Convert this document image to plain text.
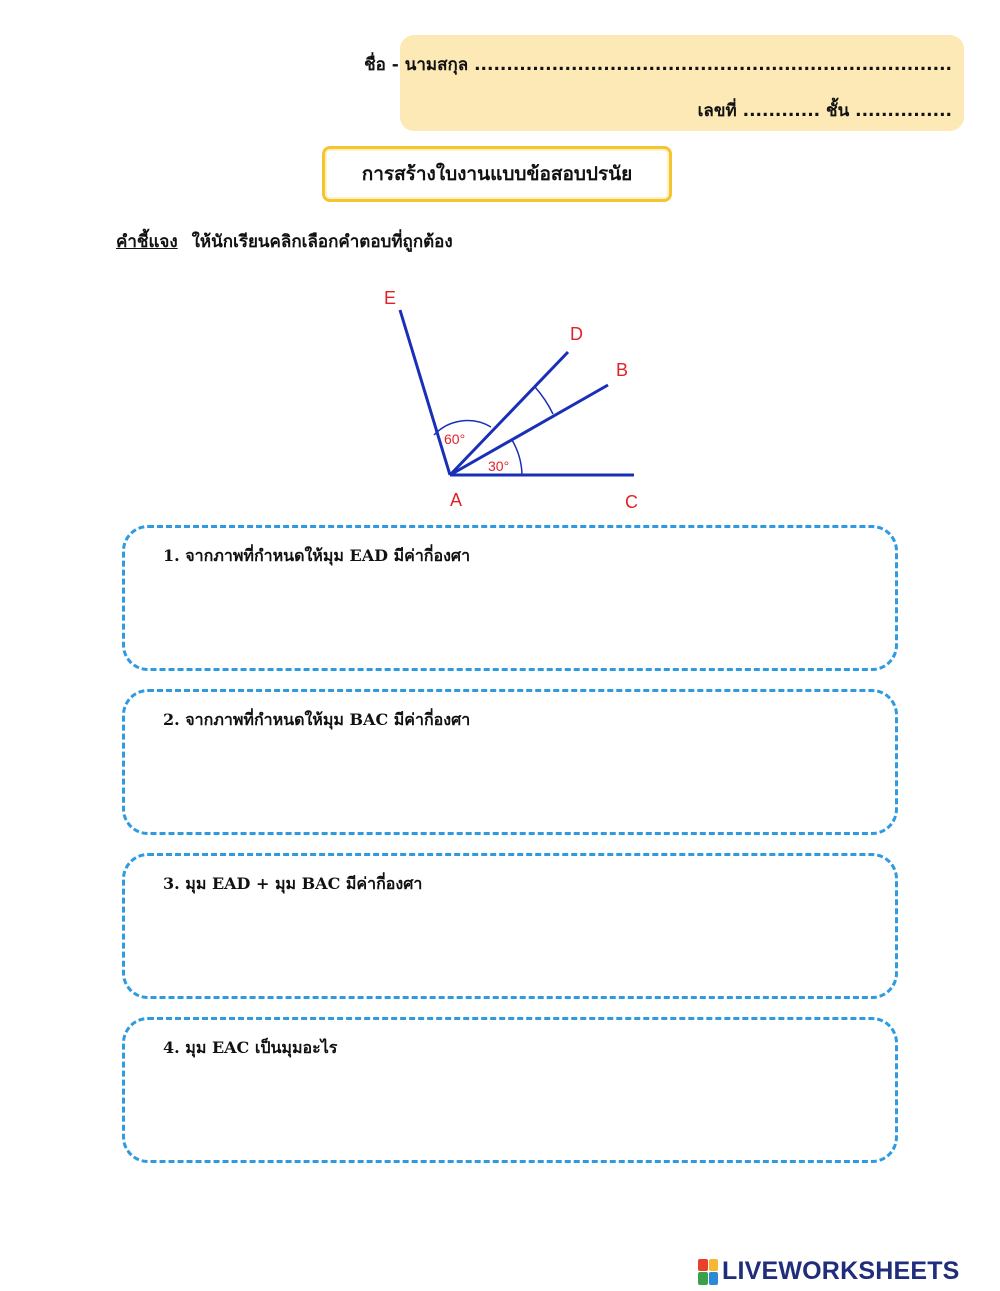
ชื่อ - นามสกุล ..........................................................................
เลขที่ ............ ชั้น ...............
การสร้างใบงานแบบข้อสอบปรนัย
คำชี้แจง ให้นักเรียนคลิกเลือกคำตอบที่ถูกต้อง
E
D
B
A	C
60°
30°
1. จากภาพที่กำหนดให้มุม EAD มีค่ากี่องศา
2. จากภาพที่กำหนดให้มุม BAC มีค่ากี่องศา
3. มุม EAD + มุม BAC มีค่ากี่องศา
4. มุม EAC เป็นมุมอะไร
LIVEWORKSHEETS
